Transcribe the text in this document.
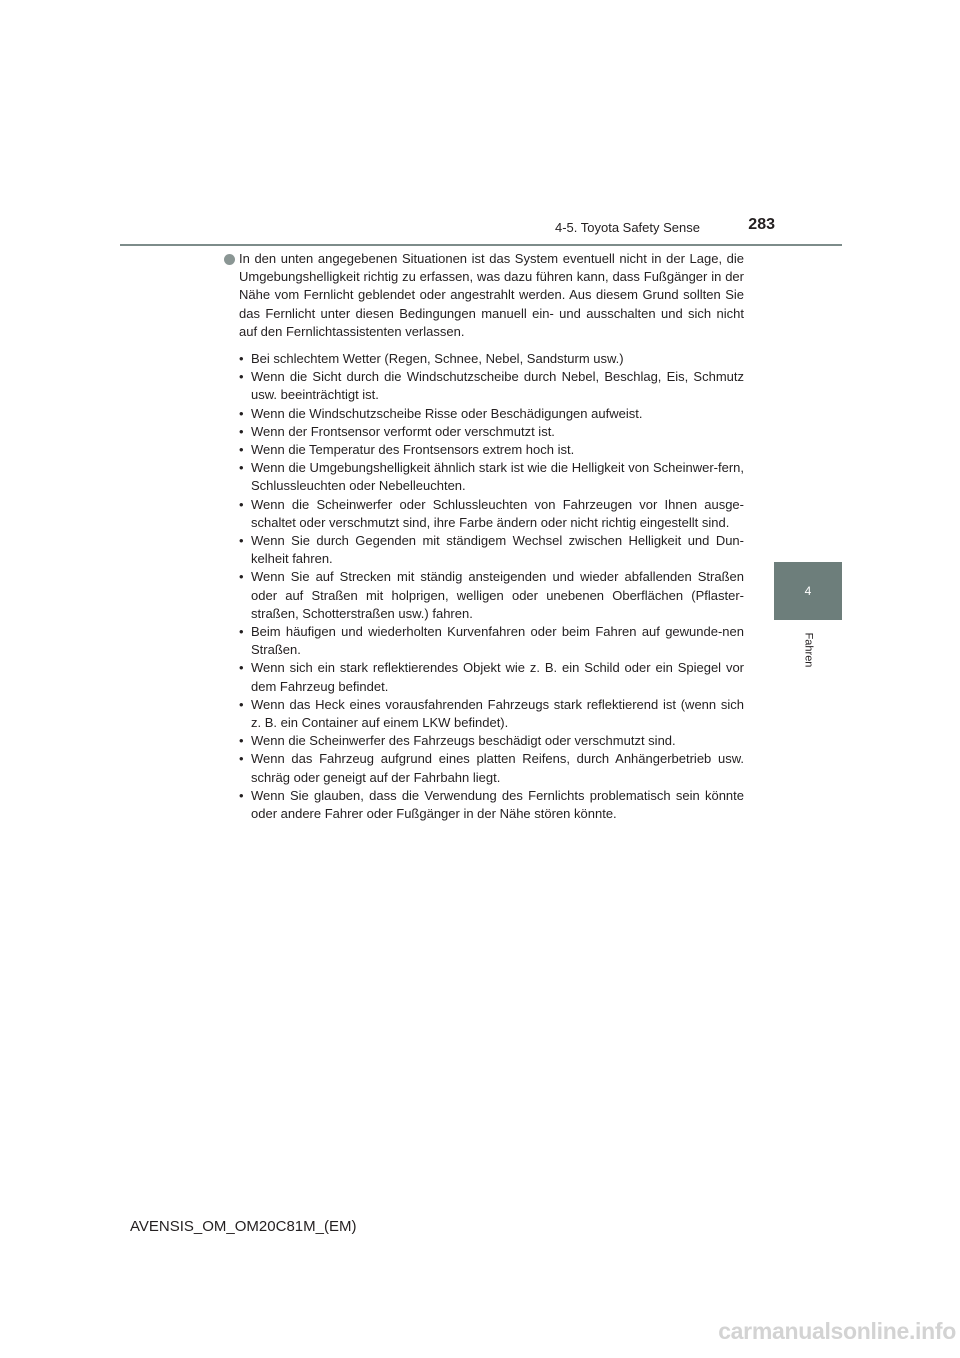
4-5. Toyota Safety Sense	283
4
Fahren

In den unten angegebenen Situationen ist das System eventuell nicht in der Lage, die Umgebungshelligkeit richtig zu erfassen, was dazu führen kann, dass Fußgänger in der Nähe vom Fernlicht geblendet oder angestrahlt werden. Aus diesem Grund sollten Sie das Fernlicht unter diesen Bedingungen manuell ein- und ausschalten und sich nicht auf den Fernlichtassistenten verlassen.

• Bei schlechtem Wetter (Regen, Schnee, Nebel, Sandsturm usw.)
• Wenn die Sicht durch die Windschutzscheibe durch Nebel, Beschlag, Eis, Schmutz usw. beeinträchtigt ist.
• Wenn die Windschutzscheibe Risse oder Beschädigungen aufweist.
• Wenn der Frontsensor verformt oder verschmutzt ist.
• Wenn die Temperatur des Frontsensors extrem hoch ist.
• Wenn die Umgebungshelligkeit ähnlich stark ist wie die Helligkeit von Scheinwer-fern, Schlussleuchten oder Nebelleuchten.
• Wenn die Scheinwerfer oder Schlussleuchten von Fahrzeugen vor Ihnen ausge-schaltet oder verschmutzt sind, ihre Farbe ändern oder nicht richtig eingestellt sind.
• Wenn Sie durch Gegenden mit ständigem Wechsel zwischen Helligkeit und Dun-kelheit fahren.
• Wenn Sie auf Strecken mit ständig ansteigenden und wieder abfallenden Straßen oder auf Straßen mit holprigen, welligen oder unebenen Oberflächen (Pflaster-straßen, Schotterstraßen usw.) fahren.
• Beim häufigen und wiederholten Kurvenfahren oder beim Fahren auf gewunde-nen Straßen.
• Wenn sich ein stark reflektierendes Objekt wie z. B. ein Schild oder ein Spiegel vor dem Fahrzeug befindet.
• Wenn das Heck eines vorausfahrenden Fahrzeugs stark reflektierend ist (wenn sich z. B. ein Container auf einem LKW befindet).
• Wenn die Scheinwerfer des Fahrzeugs beschädigt oder verschmutzt sind.
• Wenn das Fahrzeug aufgrund eines platten Reifens, durch Anhängerbetrieb usw. schräg oder geneigt auf der Fahrbahn liegt.
• Wenn Sie glauben, dass die Verwendung des Fernlichts problematisch sein könnte oder andere Fahrer oder Fußgänger in der Nähe stören könnte.
AVENSIS_OM_OM20C81M_(EM)
carmanualsonline.info
